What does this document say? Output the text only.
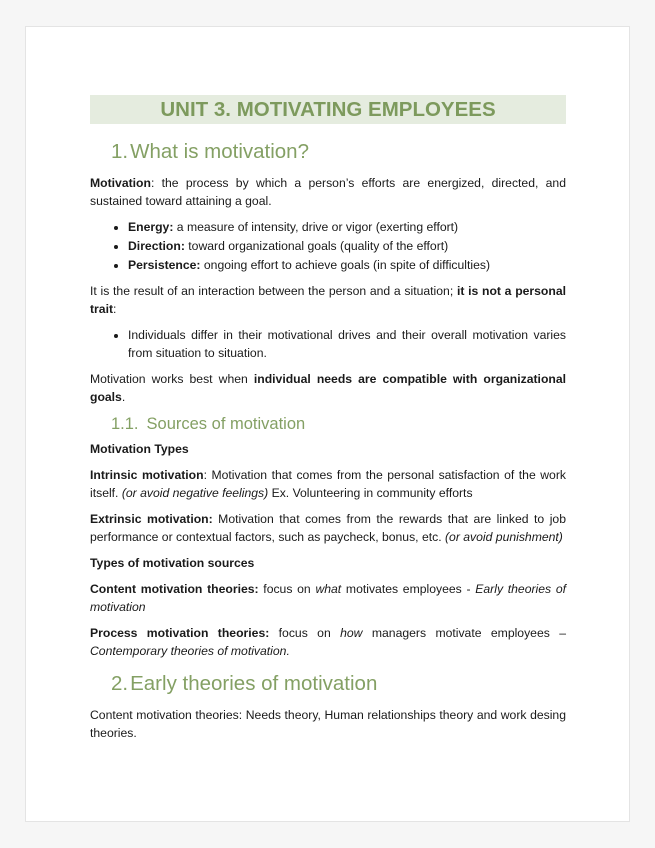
UNIT 3. MOTIVATING EMPLOYEES
1.What is motivation?

Motivation: the process by which a person’s efforts are energized, directed, and sustained toward attaining a goal.

• Energy: a measure of intensity, drive or vigor (exerting effort)
• Direction: toward organizational goals (quality of the effort)
• Persistence: ongoing effort to achieve goals (in spite of difficulties)

It is the result of an interaction between the person and a situation; it is not a personal trait:

• Individuals differ in their motivational drives and their overall motivation varies from situation to situation.

Motivation works best when individual needs are compatible with organizational goals.

1.1. Sources of motivation

Motivation Types

Intrinsic motivation: Motivation that comes from the personal satisfaction of the work itself. (or avoid negative feelings) Ex. Volunteering in community efforts

Extrinsic motivation: Motivation that comes from the rewards that are linked to job performance or contextual factors, such as paycheck, bonus, etc. (or avoid punishment)

Types of motivation sources

Content motivation theories: focus on what motivates employees - Early theories of motivation

Process motivation theories: focus on how managers motivate employees – Contemporary theories of motivation.

2.Early theories of motivation

Content motivation theories: Needs theory, Human relationships theory and work desing theories.
